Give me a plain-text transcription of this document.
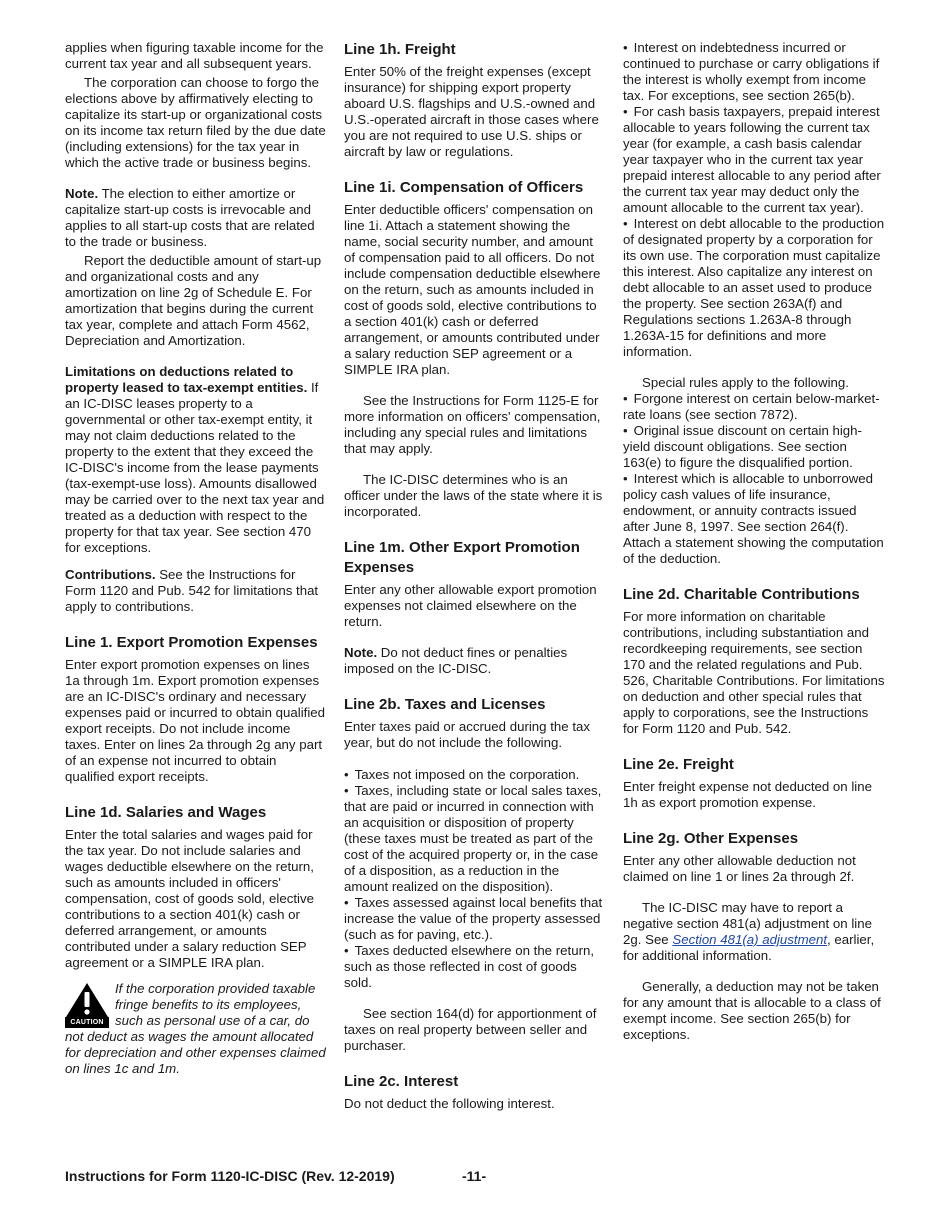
applies when figuring taxable income for the current tax year and all subsequent years.

The corporation can choose to forgo the elections above by affirmatively electing to capitalize its start-up or organizational costs on its income tax return filed by the due date (including extensions) for the tax year in which the active trade or business begins.

Note. The election to either amortize or capitalize start-up costs is irrevocable and applies to all start-up costs that are related to the trade or business.

Report the deductible amount of start-up and organizational costs and any amortization on line 2g of Schedule E. For amortization that begins during the current tax year, complete and attach Form 4562, Depreciation and Amortization.

Limitations on deductions related to property leased to tax-exempt entities. If an IC-DISC leases property to a governmental or other tax-exempt entity, it may not claim deductions related to the property to the extent that they exceed the IC-DISC's income from the lease payments (tax-exempt-use loss). Amounts disallowed may be carried over to the next tax year and treated as a deduction with respect to the property for that tax year. See section 470 for exceptions.

Contributions. See the Instructions for Form 1120 and Pub. 542 for limitations that apply to contributions.

Line 1. Export Promotion Expenses

Enter export promotion expenses on lines 1a through 1m. Export promotion expenses are an IC-DISC's ordinary and necessary expenses paid or incurred to obtain qualified export receipts. Do not include income taxes. Enter on lines 2a through 2g any part of an expense not incurred to obtain qualified export receipts.

Line 1d. Salaries and Wages

Enter the total salaries and wages paid for the tax year. Do not include salaries and wages deductible elsewhere on the return, such as amounts included in officers' compensation, cost of goods sold, elective contributions to a section 401(k) cash or deferred arrangement, or amounts contributed under a salary reduction SEP agreement or a SIMPLE IRA plan.

CAUTION
If the corporation provided taxable fringe benefits to its employees, such as personal use of a car, do not deduct as wages the amount allocated for depreciation and other expenses claimed on lines 1c and 1m.
Line 1h. Freight

Enter 50% of the freight expenses (except insurance) for shipping export property aboard U.S. flagships and U.S.-owned and U.S.-operated aircraft in those cases where you are not required to use U.S. ships or aircraft by law or regulations.

Line 1i. Compensation of Officers

Enter deductible officers' compensation on line 1i. Attach a statement showing the name, social security number, and amount of compensation paid to all officers. Do not include compensation deductible elsewhere on the return, such as amounts included in cost of goods sold, elective contributions to a section 401(k) cash or deferred arrangement, or amounts contributed under a salary reduction SEP agreement or a SIMPLE IRA plan.

See the Instructions for Form 1125-E for more information on officers' compensation, including any special rules and limitations that may apply.

The IC-DISC determines who is an officer under the laws of the state where it is incorporated.

Line 1m. Other Export Promotion Expenses

Enter any other allowable export promotion expenses not claimed elsewhere on the return.

Note. Do not deduct fines or penalties imposed on the IC-DISC.

Line 2b. Taxes and Licenses

Enter taxes paid or accrued during the tax year, but do not include the following.

• Taxes not imposed on the corporation.

• Taxes, including state or local sales taxes, that are paid or incurred in connection with an acquisition or disposition of property (these taxes must be treated as part of the cost of the acquired property or, in the case of a disposition, as a reduction in the amount realized on the disposition).

• Taxes assessed against local benefits that increase the value of the property assessed (such as for paving, etc.).

• Taxes deducted elsewhere on the return, such as those reflected in cost of goods sold.

See section 164(d) for apportionment of taxes on real property between seller and purchaser.

Line 2c. Interest

Do not deduct the following interest.

• Interest on indebtedness incurred or continued to purchase or carry obligations if the interest is wholly exempt from income tax. For exceptions, see section 265(b).

• For cash basis taxpayers, prepaid interest allocable to years following the current tax year (for example, a cash basis calendar year taxpayer who in the current tax year prepaid interest allocable to any period after the current tax year may deduct only the amount allocable to the current tax year).

• Interest on debt allocable to the production of designated property by a corporation for its own use. The corporation must capitalize this interest. Also capitalize any interest on debt allocable to an asset used to produce the property. See section 263A(f) and Regulations sections 1.263A-8 through 1.263A-15 for definitions and more information.

Special rules apply to the following.

• Forgone interest on certain below-market-rate loans (see section 7872).

• Original issue discount on certain high-yield discount obligations. See section 163(e) to figure the disqualified portion.

• Interest which is allocable to unborrowed policy cash values of life insurance, endowment, or annuity contracts issued after June 8, 1997. See section 264(f). Attach a statement showing the computation of the deduction.

Line 2d. Charitable Contributions

For more information on charitable contributions, including substantiation and recordkeeping requirements, see section 170 and the related regulations and Pub. 526, Charitable Contributions. For limitations on deduction and other special rules that apply to corporations, see the Instructions for Form 1120 and Pub. 542.

Line 2e. Freight

Enter freight expense not deducted on line 1h as export promotion expense.

Line 2g. Other Expenses

Enter any other allowable deduction not claimed on line 1 or lines 2a through 2f.

The IC-DISC may have to report a negative section 481(a) adjustment on line 2g. See Section 481(a) adjustment, earlier, for additional information.

Generally, a deduction may not be taken for any amount that is allocable to a class of exempt income. See section 265(b) for exceptions.

Instructions for Form 1120-IC-DISC (Rev. 12-2019)	-11-
